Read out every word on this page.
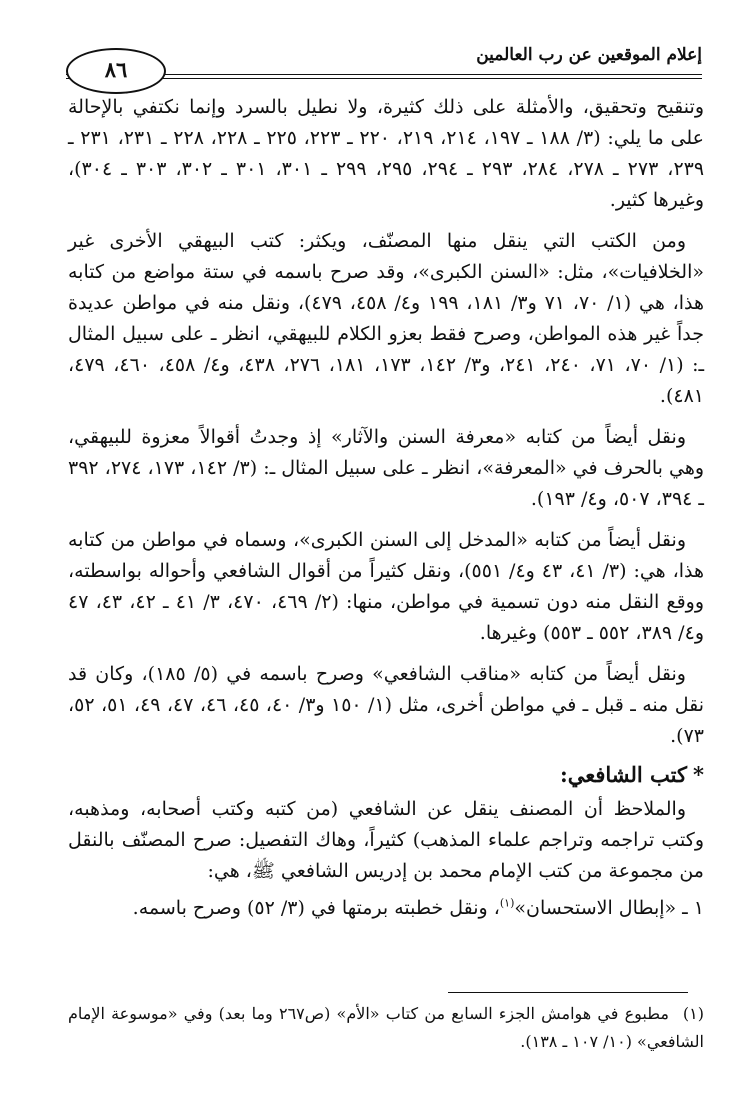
إعلام الموقعين عن رب العالمين
٨٦

وتنقيح وتحقيق، والأمثلة على ذلك كثيرة، ولا نطيل بالسرد وإنما نكتفي بالإحالة على ما يلي: (٣/ ١٨٨ ـ ١٩٧، ٢١٤، ٢١٩، ٢٢٠ ـ ٢٢٣، ٢٢٥ ـ ٢٢٨، ٢٢٨ ـ ٢٣١، ٢٣١ ـ ٢٣٩، ٢٧٣ ـ ٢٧٨، ٢٨٤، ٢٩٣ ـ ٢٩٤، ٢٩٥، ٢٩٩ ـ ٣٠١، ٣٠١ ـ ٣٠٢، ٣٠٣ ـ ٣٠٤)، وغيرها كثير.

ومن الكتب التي ينقل منها المصنّف، ويكثر: كتب البيهقي الأخرى غير «الخلافيات»، مثل: «السنن الكبرى»، وقد صرح باسمه في ستة مواضع من كتابه هذا، هي (١/ ٧٠، ٧١ و٣/ ١٨١، ١٩٩ و٤/ ٤٥٨، ٤٧٩)، ونقل منه في مواطن عديدة جداً غير هذه المواطن، وصرح فقط بعزو الكلام للبيهقي، انظر ـ على سبيل المثال ـ: (١/ ٧٠، ٧١، ٢٤٠، ٢٤١، و٣/ ١٤٢، ١٧٣، ١٨١، ٢٧٦، ٤٣٨، و٤/ ٤٥٨، ٤٦٠، ٤٧٩، ٤٨١).

ونقل أيضاً من كتابه «معرفة السنن والآثار» إذ وجدتُ أقوالاً معزوة للبيهقي، وهي بالحرف في «المعرفة»، انظر ـ على سبيل المثال ـ: (٣/ ١٤٢، ١٧٣، ٢٧٤، ٣٩٢ ـ ٣٩٤، ٥٠٧، و٤/ ١٩٣).

ونقل أيضاً من كتابه «المدخل إلى السنن الكبرى»، وسماه في مواطن من كتابه هذا، هي: (٣/ ٤١، ٤٣ و٤/ ٥٥١)، ونقل كثيراً من أقوال الشافعي وأحواله بواسطته، ووقع النقل منه دون تسمية في مواطن، منها: (٢/ ٤٦٩، ٤٧٠، ٣/ ٤١ ـ ٤٢، ٤٣، ٤٧ و٤/ ٣٨٩، ٥٥٢ ـ ٥٥٣) وغيرها.

ونقل أيضاً من كتابه «مناقب الشافعي» وصرح باسمه في (٥/ ١٨٥)، وكان قد نقل منه ـ قبل ـ في مواطن أخرى، مثل (١/ ١٥٠ و٣/ ٤٠، ٤٥، ٤٦، ٤٧، ٤٩، ٥١، ٥٢، ٧٣).

*كتب الشافعي:

والملاحظ أن المصنف ينقل عن الشافعي (من كتبه وكتب أصحابه، ومذهبه، وكتب تراجمه وتراجم علماء المذهب) كثيراً، وهاك التفصيل: صرح المصنّف بالنقل من مجموعة من كتب الإمام محمد بن إدريس الشافعي ﷺ، هي:

١ ـ «إبطال الاستحسان»$^{(١)}$، ونقل خطبته برمتها في (٣/ ٥٢) وصرح باسمه.

(١)مطبوع في هوامش الجزء السابع من كتاب «الأم» (ص٢٦٧ وما بعد) وفي «موسوعة الإمام الشافعي» (١٠/ ١٠٧ ـ ١٣٨).
